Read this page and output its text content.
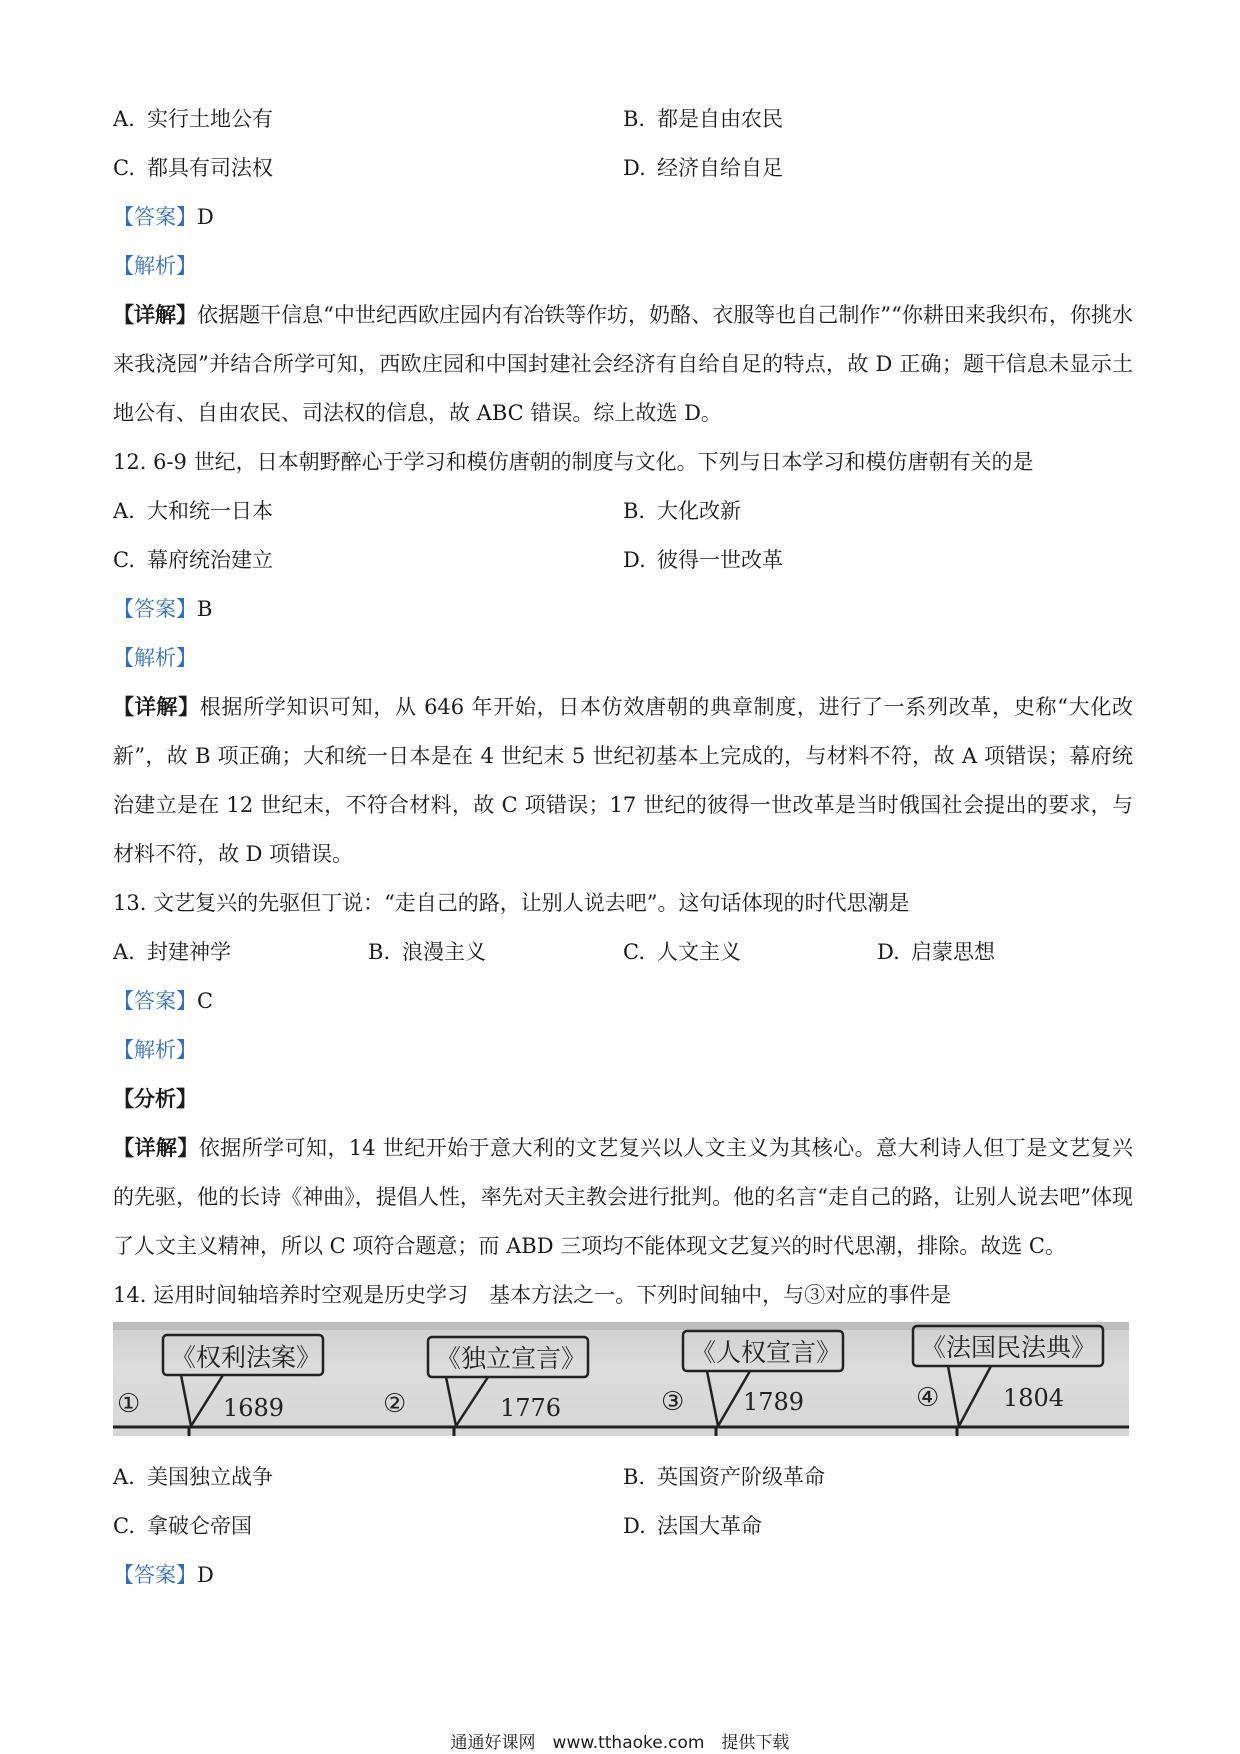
A. 实行土地公有	B. 都是自由农民
C. 都具有司法权	D. 经济自给自足
【答案】D
【解析】
【详解】依据题干信息“中世纪西欧庄园内有冶铁等作坊，奶酪、衣服等也自己制作”“你耕田来我织布，你挑水来我浇园”并结合所学可知，西欧庄园和中国封建社会经济有自给自足的特点，故 D 正确；题干信息未显示土地公有、自由农民、司法权的信息，故 ABC 错误。综上故选 D。
12. 6-9 世纪，日本朝野醉心于学习和模仿唐朝的制度与文化。下列与日本学习和模仿唐朝有关的是
A. 大和统一日本	B. 大化改新
C. 幕府统治建立	D. 彼得一世改革
【答案】B
【解析】
【详解】根据所学知识可知，从 646 年开始，日本仿效唐朝的典章制度，进行了一系列改革，史称“大化改新”，故 B 项正确；大和统一日本是在 4 世纪末 5 世纪初基本上完成的，与材料不符，故 A 项错误；幕府统治建立是在 12 世纪末，不符合材料，故 C 项错误；17 世纪的彼得一世改革是当时俄国社会提出的要求，与材料不符，故 D 项错误。
13. 文艺复兴的先驱但丁说：“走自己的路，让别人说去吧”。这句话体现的时代思潮是
A. 封建神学	B. 浪漫主义	C. 人文主义	D. 启蒙思想
【答案】C
【解析】
【分析】
【详解】依据所学可知，14 世纪开始于意大利的文艺复兴以人文主义为其核心。意大利诗人但丁是文艺复兴的先驱，他的长诗《神曲》，提倡人性，率先对天主教会进行批判。他的名言“走自己的路，让别人说去吧”体现了人文主义精神，所以 C 项符合题意；而 ABD 三项均不能体现文艺复兴的时代思潮，排除。故选 C。
14. 运用时间轴培养时空观是历史学习　基本方法之一。下列时间轴中，与③对应的事件是
①
《权利法案》
1689	②
《独立宣言》
1776	③
《人权宣言》
1789	④
《法国民法典》
1804
A. 美国独立战争	B. 英国资产阶级革命
C. 拿破仑帝国	D. 法国大革命
【答案】D
通通好课网　www.tthaoke.com　提供下载
